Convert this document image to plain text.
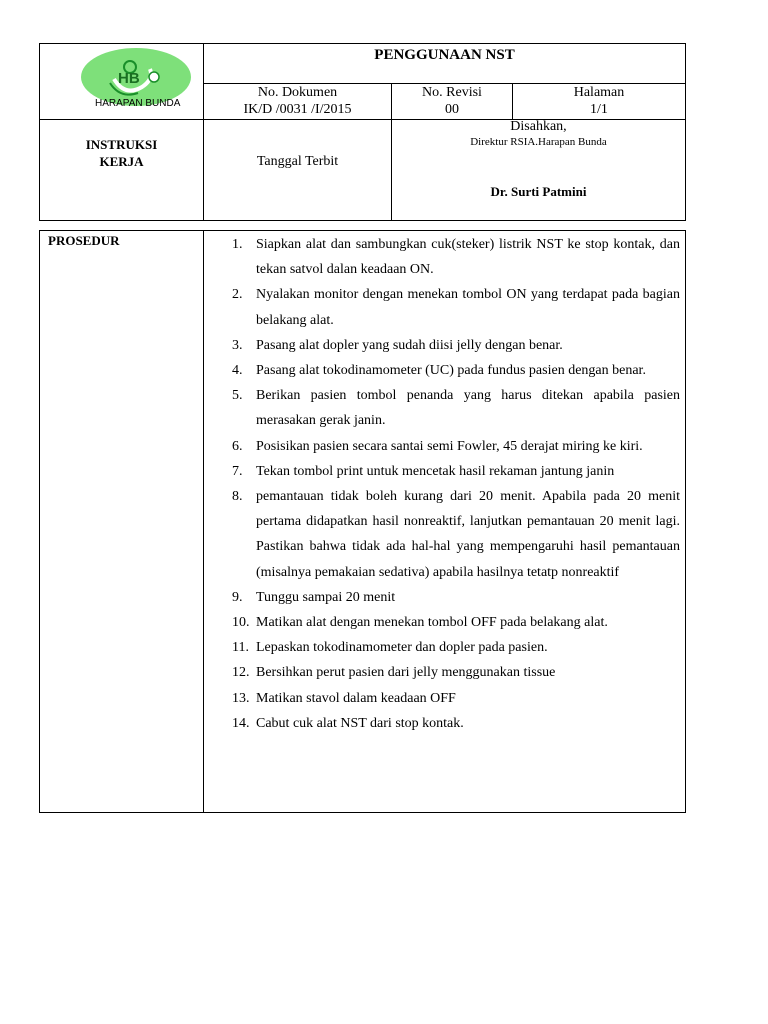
HB
HARAPAN BUNDA
PENGGUNAAN NST
No. Dokumen
IK/D /0031 /I/2015
No. Revisi
00
Halaman
1/1
INSTRUKSI
KERJA	Tanggal Terbit
Disahkan,
Direktur RSIA.Harapan Bunda
Dr. Surti Patmini
PROSEDUR	1. Siapkan alat dan sambungkan cuk(steker) listrik NST ke stop kontak, dan tekan satvol dalan keadaan ON.
2. Nyalakan monitor dengan menekan tombol ON yang terdapat pada bagian belakang alat.
3. Pasang alat dopler yang sudah diisi jelly dengan benar.
4. Pasang alat tokodinamometer (UC) pada fundus pasien dengan benar.
5. Berikan pasien tombol penanda yang harus ditekan apabila pasien merasakan gerak janin.
6. Posisikan pasien secara santai semi Fowler, 45 derajat miring ke kiri.
7. Tekan tombol print untuk mencetak hasil rekaman jantung janin
8. pemantauan tidak boleh kurang dari 20 menit. Apabila pada 20 menit pertama didapatkan hasil nonreaktif, lanjutkan pemantauan 20 menit lagi. Pastikan bahwa tidak ada hal-hal yang mempengaruhi hasil pemantauan (misalnya pemakaian sedativa) apabila hasilnya tetatp nonreaktif
9. Tunggu sampai 20 menit
10. Matikan alat dengan menekan tombol OFF pada belakang alat.
11. Lepaskan tokodinamometer dan dopler pada pasien.
12. Bersihkan perut pasien dari jelly menggunakan tissue
13. Matikan stavol dalam keadaan OFF
14. Cabut cuk alat NST dari stop kontak.
